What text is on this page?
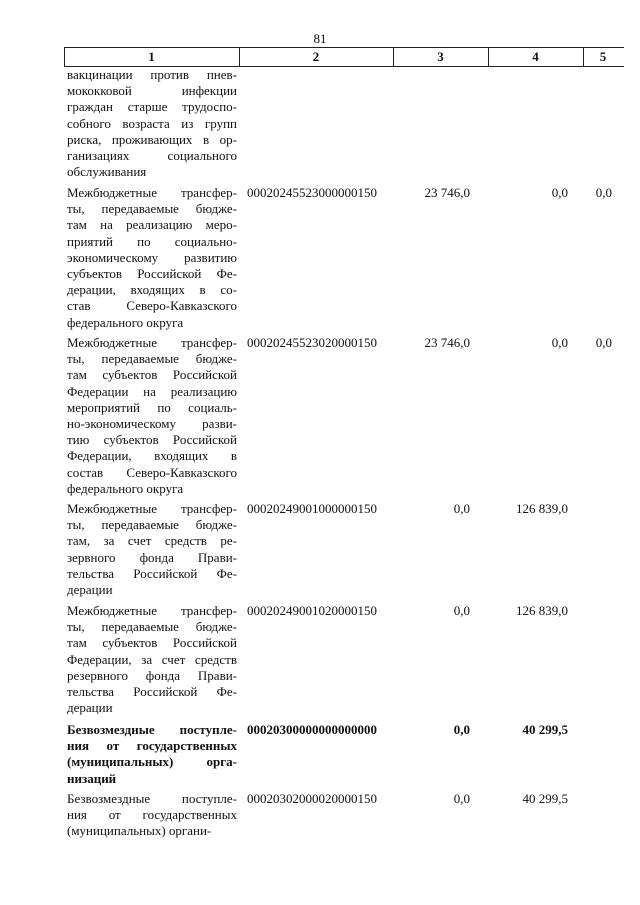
81
1	2	3	4	5
вакцинации против пнев-
мококковой инфекции
граждан старше трудоспо-
собного возраста из групп
риска, проживающих в ор-
ганизациях социального
обслуживания
Межбюджетные трансфер-
ты, передаваемые бюдже-
там на реализацию меро-
приятий по социально-
экономическому развитию
субъектов Российской Фе-
дерации, входящих в со-
став Северо-Кавказского
федерального округа
00020245523000000150	23 746,0	0,0	0,0
Межбюджетные трансфер-
ты, передаваемые бюдже-
там субъектов Российской
Федерации на реализацию
мероприятий по социаль-
но-экономическому разви-
тию субъектов Российской
Федерации, входящих в
состав Северо-Кавказского
федерального округа
00020245523020000150	23 746,0	0,0	0,0
Межбюджетные трансфер-
ты, передаваемые бюдже-
там, за счет средств ре-
зервного фонда Прави-
тельства Российской Фе-
дерации
00020249001000000150	0,0	126 839,0
Межбюджетные трансфер-
ты, передаваемые бюдже-
там субъектов Российской
Федерации, за счет средств
резервного фонда Прави-
тельства Российской Фе-
дерации
00020249001020000150	0,0	126 839,0
Безвозмездные поступле-
ния от государственных
(муниципальных) орга-
низаций
00020300000000000000	0,0	40 299,5
Безвозмездные поступле-
ния от государственных
(муниципальных) органи-
00020302000020000150	0,0	40 299,5
